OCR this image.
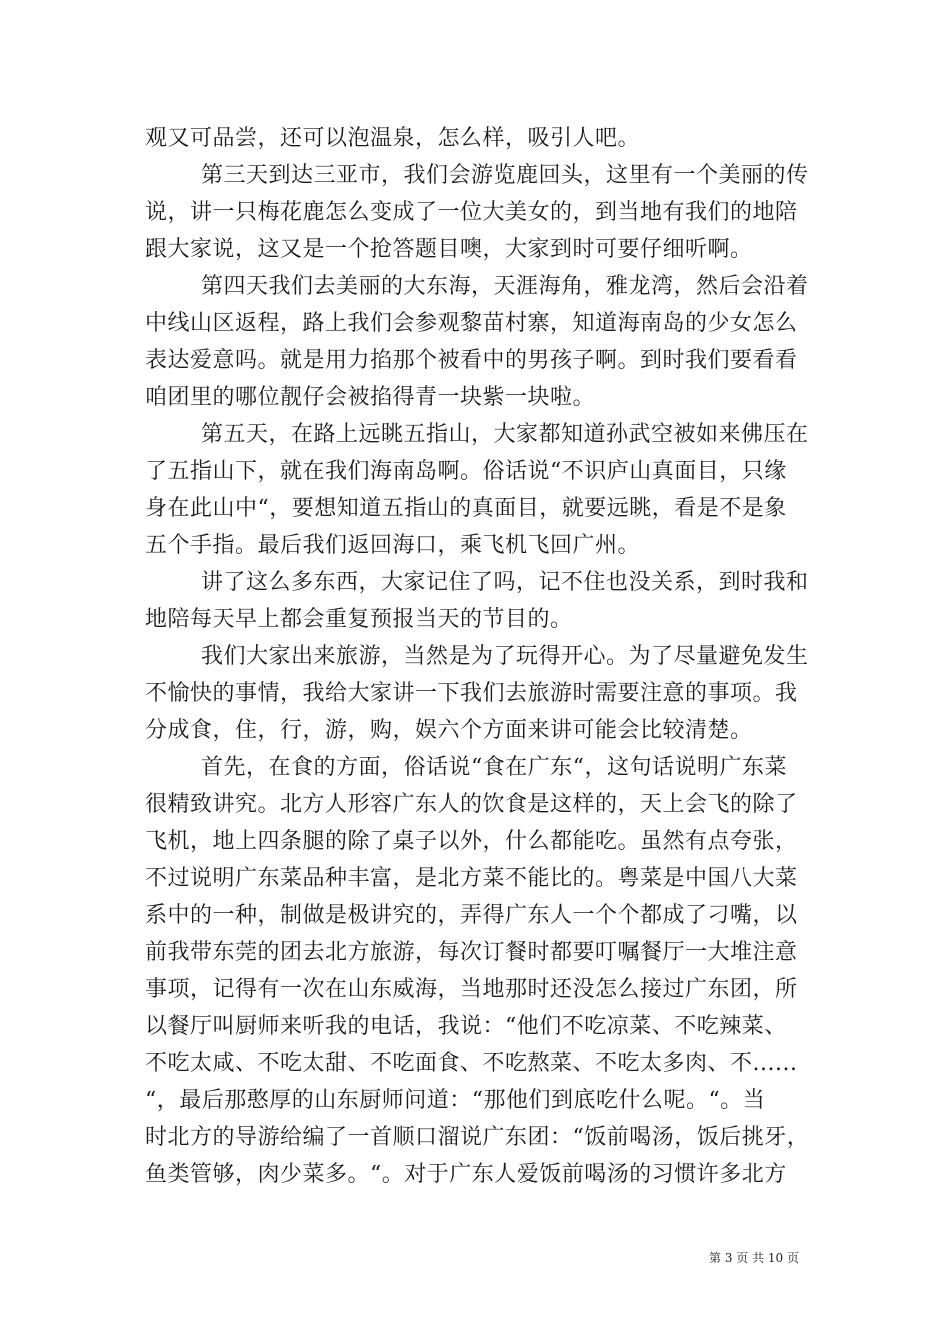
观又可品尝，还可以泡温泉，怎么样，吸引人吧。
第三天到达三亚市，我们会游览鹿回头，这里有一个美丽的传
说，讲一只梅花鹿怎么变成了一位大美女的，到当地有我们的地陪
跟大家说，这又是一个抢答题目噢，大家到时可要仔细听啊。
第四天我们去美丽的大东海，天涯海角，雅龙湾，然后会沿着
中线山区返程，路上我们会参观黎苗村寨，知道海南岛的少女怎么
表达爱意吗。就是用力掐那个被看中的男孩子啊。到时我们要看看
咱团里的哪位靓仔会被掐得青一块紫一块啦。
第五天，在路上远眺五指山，大家都知道孙武空被如来佛压在
了五指山下，就在我们海南岛啊。俗话说“不识庐山真面目，只缘
身在此山中“，要想知道五指山的真面目，就要远眺，看是不是象
五个手指。最后我们返回海口，乘飞机飞回广州。
讲了这么多东西，大家记住了吗，记不住也没关系，到时我和
地陪每天早上都会重复预报当天的节目的。
我们大家出来旅游，当然是为了玩得开心。为了尽量避免发生
不愉快的事情，我给大家讲一下我们去旅游时需要注意的事项。我
分成食，住，行，游，购，娱六个方面来讲可能会比较清楚。
首先，在食的方面，俗话说“食在广东“，这句话说明广东菜
很精致讲究。北方人形容广东人的饮食是这样的，天上会飞的除了
飞机，地上四条腿的除了桌子以外，什么都能吃。虽然有点夸张，
不过说明广东菜品种丰富，是北方菜不能比的。粤菜是中国八大菜
系中的一种，制做是极讲究的，弄得广东人一个个都成了刁嘴，以
前我带东莞的团去北方旅游，每次订餐时都要叮嘱餐厅一大堆注意
事项，记得有一次在山东威海，当地那时还没怎么接过广东团，所
以餐厅叫厨师来听我的电话，我说：“他们不吃凉菜、不吃辣菜、
不吃太咸、不吃太甜、不吃面食、不吃熬菜、不吃太多肉、不......
“，最后那憨厚的山东厨师问道：“那他们到底吃什么呢。“。当
时北方的导游给编了一首顺口溜说广东团：“饭前喝汤，饭后挑牙，
鱼类管够，肉少菜多。“。对于广东人爱饭前喝汤的习惯许多北方
第 3 页 共 10 页
